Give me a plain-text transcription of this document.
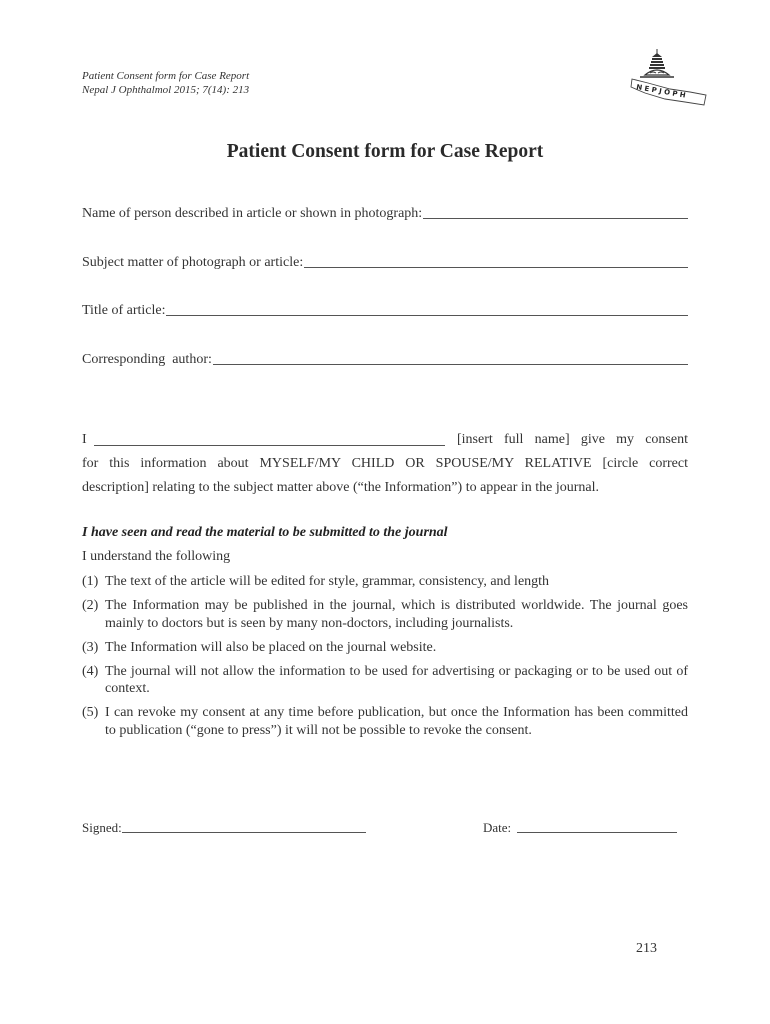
Patient Consent form for Case Report
Nepal J Ophthalmol 2015; 7(14): 213	N E P J O P H
Patient Consent form for Case Report
Name of person described in article or shown in photograph:
Subject matter of photograph or article:
Title of article:
Corresponding  author:
I	[insert full name] give my consent
for this information about MYSELF/MY CHILD OR SPOUSE/MY RELATIVE [circle correct
description] relating to the subject matter above (“the Information”) to appear in the journal.
I have seen and read the material to be submitted to the journal
I understand the following
(1) The text of the article will be edited for style, grammar, consistency, and length
(2) The Information may be published in the journal, which is distributed worldwide. The journal goes mainly to doctors but is seen by many non-doctors, including journalists.
(3) The Information will also be placed on the journal website.
(4) The journal will not allow the information to be used for advertising or packaging or to be used out of context.
(5) I can revoke my consent at any time before publication, but once the Information has been committed to publication (“gone to press”) it will not be possible to revoke the consent.
Signed:	Date:
213
